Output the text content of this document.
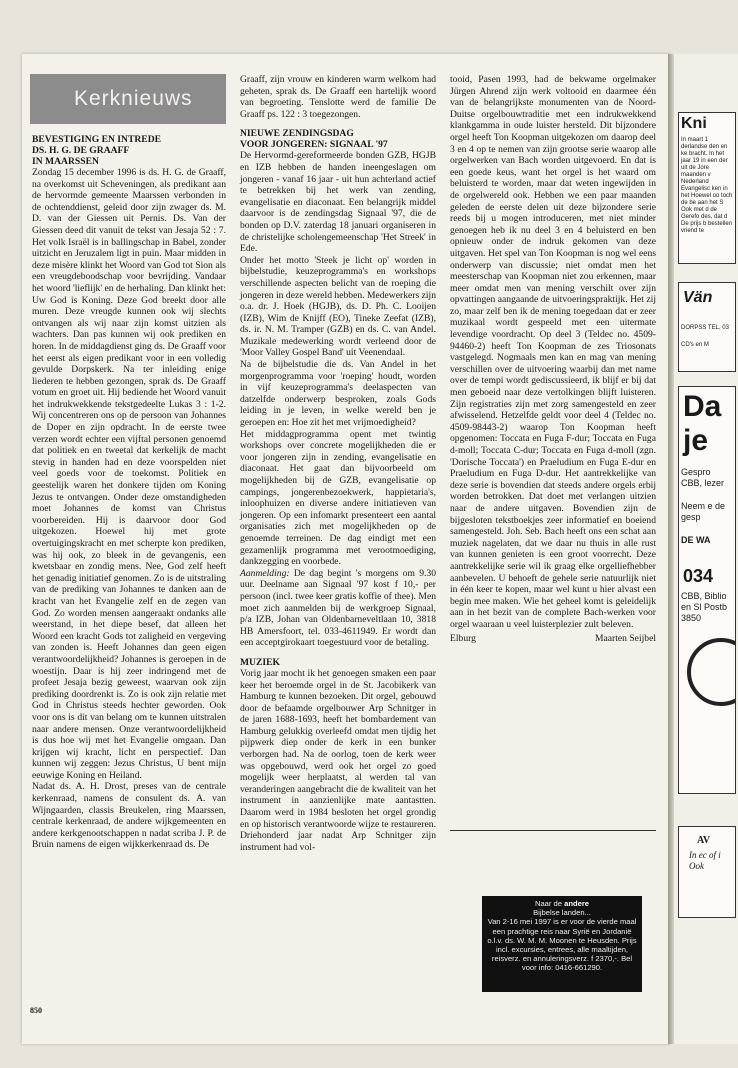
Kerknieuws
BEVESTIGING EN INTREDE
DS. H. G. DE GRAAFF
IN MAARSSEN

Zondag 15 december 1996 is ds. H. G. de Graaff, na overkomst uit Scheveningen, als predikant aan de hervormde gemeente Maarssen verbonden in de ochtenddienst, geleid door zijn zwager ds. M. D. van der Giessen uit Pernis. Ds. Van der Giessen deed dit vanuit de tekst van Jesaja 52 : 7. Het volk Israël is in ballingschap in Babel, zonder uitzicht en Jeruzalem ligt in puin. Maar midden in deze misère klinkt het Woord van God tot Sion als een vreugdeboodschap voor bevrijding. Vandaar het woord 'lieflijk' en de herhaling. Dan klinkt het: Uw God is Koning. Deze God breekt door alle muren. Deze vreugde kunnen ook wij slechts ontvangen als wij naar zijn komst uitzien als wachters. Dan pas kunnen wij ook prediken en horen. In de middagdienst ging ds. De Graaff voor het eerst als eigen predikant voor in een volledig gevulde Dorpskerk. Na ter inleiding enige liederen te hebben gezongen, sprak ds. De Graaff votum en groet uit. Hij bediende het Woord vanuit het indrukwekkende tekstgedeelte Lukas 3 : 1-2. Wij concentreren ons op de persoon van Johannes de Doper en zijn opdracht. In de eerste twee verzen wordt echter een vijftal personen genoemd dat politiek en en tweetal dat kerkelijk de macht stevig in handen had en deze voorspelden niet veel goeds voor de toekomst. Politiek en geestelijk waren het donkere tijden om Koning Jezus te ontvangen. Onder deze omstandigheden moet Johannes de komst van Christus voorbereiden. Hij is daarvoor door God uitgekozen. Hoewel hij met grote overtuigingskracht en met scherpte kon prediken, was hij ook, zo bleek in de gevangenis, een kwetsbaar en zondig mens. Nee, God zelf heeft het genadig initiatief genomen. Zo is de uitstraling van de prediking van Johannes te danken aan de kracht van het Evangelie zelf en de zegen van God. Zo worden mensen aangeraakt ondanks alle weerstand, in het diepe besef, dat alleen het Woord een kracht Gods tot zaligheid en vergeving van zonden is. Heeft Johannes dan geen eigen verantwoordelijkheid? Johannes is geroepen in de woestijn. Daar is hij zeer indringend met de profeet Jesaja bezig geweest, waarvan ook zijn prediking doordrenkt is. Zo is ook zijn relatie met God in Christus steeds hechter geworden. Ook voor ons is dit van belang om te kunnen uitstralen naar andere mensen. Onze verantwoordelijkheid is dus hoe wij met het Evangelie omgaan. Dan krijgen wij kracht, licht en perspectief. Dan kunnen wij zeggen: Jezus Christus, U bent mijn eeuwige Koning en Heiland.

Nadat ds. A. H. Drost, preses van de centrale kerkenraad, namens de consulent ds. A. van Wijngaarden, classis Breukelen, ring Maarssen, centrale kerkenraad, de andere wijkgemeenten en andere kerkgenootschappen n nadat scriba J. P. de Bruin namens de eigen wijkkerkenraad ds. De

Graaff, zijn vrouw en kinderen warm welkom had geheten, sprak ds. De Graaff een hartelijk woord van begroeting. Tenslotte werd de familie De Graaff ps. 122 : 3 toegezongen.

NIEUWE ZENDINGSDAG
VOOR JONGEREN: SIGNAAL '97

De Hervormd-gereformeerde bonden GZB, HGJB en IZB hebben de handen ineengeslagen om jongeren - vanaf 16 jaar - uit hun achterland actief te betrekken bij het werk van zending, evangelisatie en diaconaat. Een belangrijk middel daarvoor is de zendingsdag Signaal '97, die de bonden op D.V. zaterdag 18 januari organiseren in de christelijke scholengemeenschap 'Het Streek' in Ede.

Onder het motto 'Steek je licht op' worden in bijbelstudie, keuzeprogramma's en workshops verschillende aspecten belicht van de roeping die jongeren in deze wereld hebben. Medewerkers zijn o.a. dr. J. Hoek (HGJB), ds. D. Ph. C. Looijen (IZB), Wim de Knijff (EO), Tineke Zeefat (IZB), ds. ir. N. M. Tramper (GZB) en ds. C. van Andel. Muzikale medewerking wordt verleend door de 'Moor Valley Gospel Band' uit Veenendaal.

Na de bijbelstudie die ds. Van Andel in het morgenprogramma voor 'roeping' houdt, worden in vijf keuzeprogramma's deelaspecten van datzelfde onderwerp besproken, zoals Gods leiding in je leven, in welke wereld ben je geroepen en: Hoe zit het met vrijmoedigheid?

Het middagprogramma opent met twintig workshops over concrete mogelijkheden die er voor jongeren zijn in zending, evangelisatie en diaconaat. Het gaat dan bijvoorbeeld om mogelijkheden bij de GZB, evangelisatie op campings, jongerenbezoekwerk, happietaria's, inloophuizen en diverse andere initiatieven van jongeren. Op een infomarkt presenteert een aantal organisaties zich met mogelijkheden op de genoemde terreinen. De dag eindigt met een gezamenlijk programma met verootmoediging, dankzegging en voorbede.

Aanmelding: De dag begint 's morgens om 9.30 uur. Deelname aan Signaal '97 kost f 10,- per persoon (incl. twee keer gratis koffie of thee). Men moet zich aanmelden bij de werkgroep Signaal, p/a IZB, Johan van Oldenbarneveltlaan 10, 3818 HB Amersfoort, tel. 033-4611949. Er wordt dan een acceptgirokaart toegestuurd voor de betaling.

MUZIEK

Vorig jaar mocht ik het genoegen smaken een paar keer het beroemde orgel in de St. Jacobikerk van Hamburg te kunnen bezoeken. Dit orgel, gebouwd door de befaamde orgelbouwer Arp Schnitger in de jaren 1688-1693, heeft het bombardement van Hamburg gelukkig overleefd omdat men tijdig het pijpwerk diep onder de kerk in een bunker verborgen had. Na de oorlog, toen de kerk weer was opgebouwd, werd ook het orgel zo goed mogelijk weer herplaatst, al werden tal van veranderingen aangebracht die de kwaliteit van het instrument in aanzienlijke mate aantastten. Daarom werd in 1984 besloten het orgel grondig en op historisch verantwoorde wijze te restaureren. Driehonderd jaar nadat Arp Schnitger zijn instrument had vol-

tooid, Pasen 1993, had de bekwame orgelmaker Jürgen Ahrend zijn werk voltooid en daarmee één van de belangrijkste monumenten van de Noord-Duitse orgelbouwtraditie met een indrukwekkend klankgamma in oude luister hersteld. Dit bijzondere orgel heeft Ton Koopman uitgekozen om daarop deel 3 en 4 op te nemen van zijn grootse serie waarop alle orgelwerken van Bach worden uitgevoerd. En dat is een goede keus, want het orgel is het waard om beluisterd te worden, maar dat weten ingewijden in de orgelwereld ook. Hebben we een paar maanden geleden de eerste delen uit deze bijzondere serie reeds bij u mogen introduceren, met niet minder genoegen heb ik nu deel 3 en 4 beluisterd en ben opnieuw onder de indruk gekomen van deze uitgaven. Het spel van Ton Koopman is nog wel eens onderwerp van discussie; niet omdat men het meesterschap van Koopman niet zou erkennen, maar meer omdat men van mening verschilt over zijn opvattingen aangaande de uitvoeringspraktijk. Het zij zo, maar zelf ben ik de mening toegedaan dat er zeer muzikaal wordt gespeeld met een uitermate levendige voordracht. Op deel 3 (Teldec no. 4509-94460-2) heeft Ton Koopman de zes Triosonats vastgelegd. Nogmaals men kan en mag van mening verschillen over de uitvoering waarbij dan met name over de tempi wordt gediscussieerd, ik blijf er bij dat men geboeid naar deze vertolkingen blijft luisteren. Zijn registraties zijn met zorg samengesteld en zeer afwisselend. Hetzelfde geldt voor deel 4 (Teldec no. 4509-98443-2) waarop Ton Koopman heeft opgenomen: Toccata en Fuga F-dur; Toccata en Fuga d-moll; Toccata C-dur; Toccata en Fuga d-moll (zgn. 'Dorische Toccata') en Praeludium en Fuga E-dur en Praeludium en Fuga D-dur. Het aantrekkelijke van deze serie is bovendien dat steeds andere orgels erbij worden betrokken. Dat doet met verlangen uitzien naar de andere uitgaven. Bovendien zijn de bijgesloten tekstboekjes zeer informatief en boeiend samengesteld. Joh. Seb. Bach heeft ons een schat aan muziek nagelaten, dat we daar nu thuis in alle rust van kunnen genieten is een groot voorrecht. Deze aantrekkelijke serie wil ik graag elke orgelliefhebber aanbevelen. U behoeft de gehele serie natuurlijk niet in één keer te kopen, maar wel kunt u hier alvast een begin mee maken. Wie het geheel komt is geleidelijk aan in het bezit van de complete Bach-werken voor orgel waaraan u veel luisterplezier zult beleven.

Elburg	Maarten Seijbel
Naar de andere
Bijbelse landen...
Van 2-16 mei 1997 is er voor de vierde maal een prachtige reis naar Syrië en Jordanië o.l.v. ds. W. M. M. Moonen te Heusden. Prijs incl. excursies, entrees, alle maaltijden, reisverz. en annuleringsverz. f 2370,-. Bel voor info: 0416-661290.
850
Kni
In maart 1 derlandse den en ke bracht. In het jaar 19 in een der uit de Jore maanden v Nederland Evangelisc ken in het Hoewel oo toch de be aan het S Ook met d de Gerefo des, dat d De prijs b bestellen vriend te
Vän
DORPSS TEL. 03
CD's en M
Da
je
Gespro CBB, lezer
Neem e de gesp
DE WA
034
CBB, Biblio en Sl Postb 3850
AV
In ec of i Ook
